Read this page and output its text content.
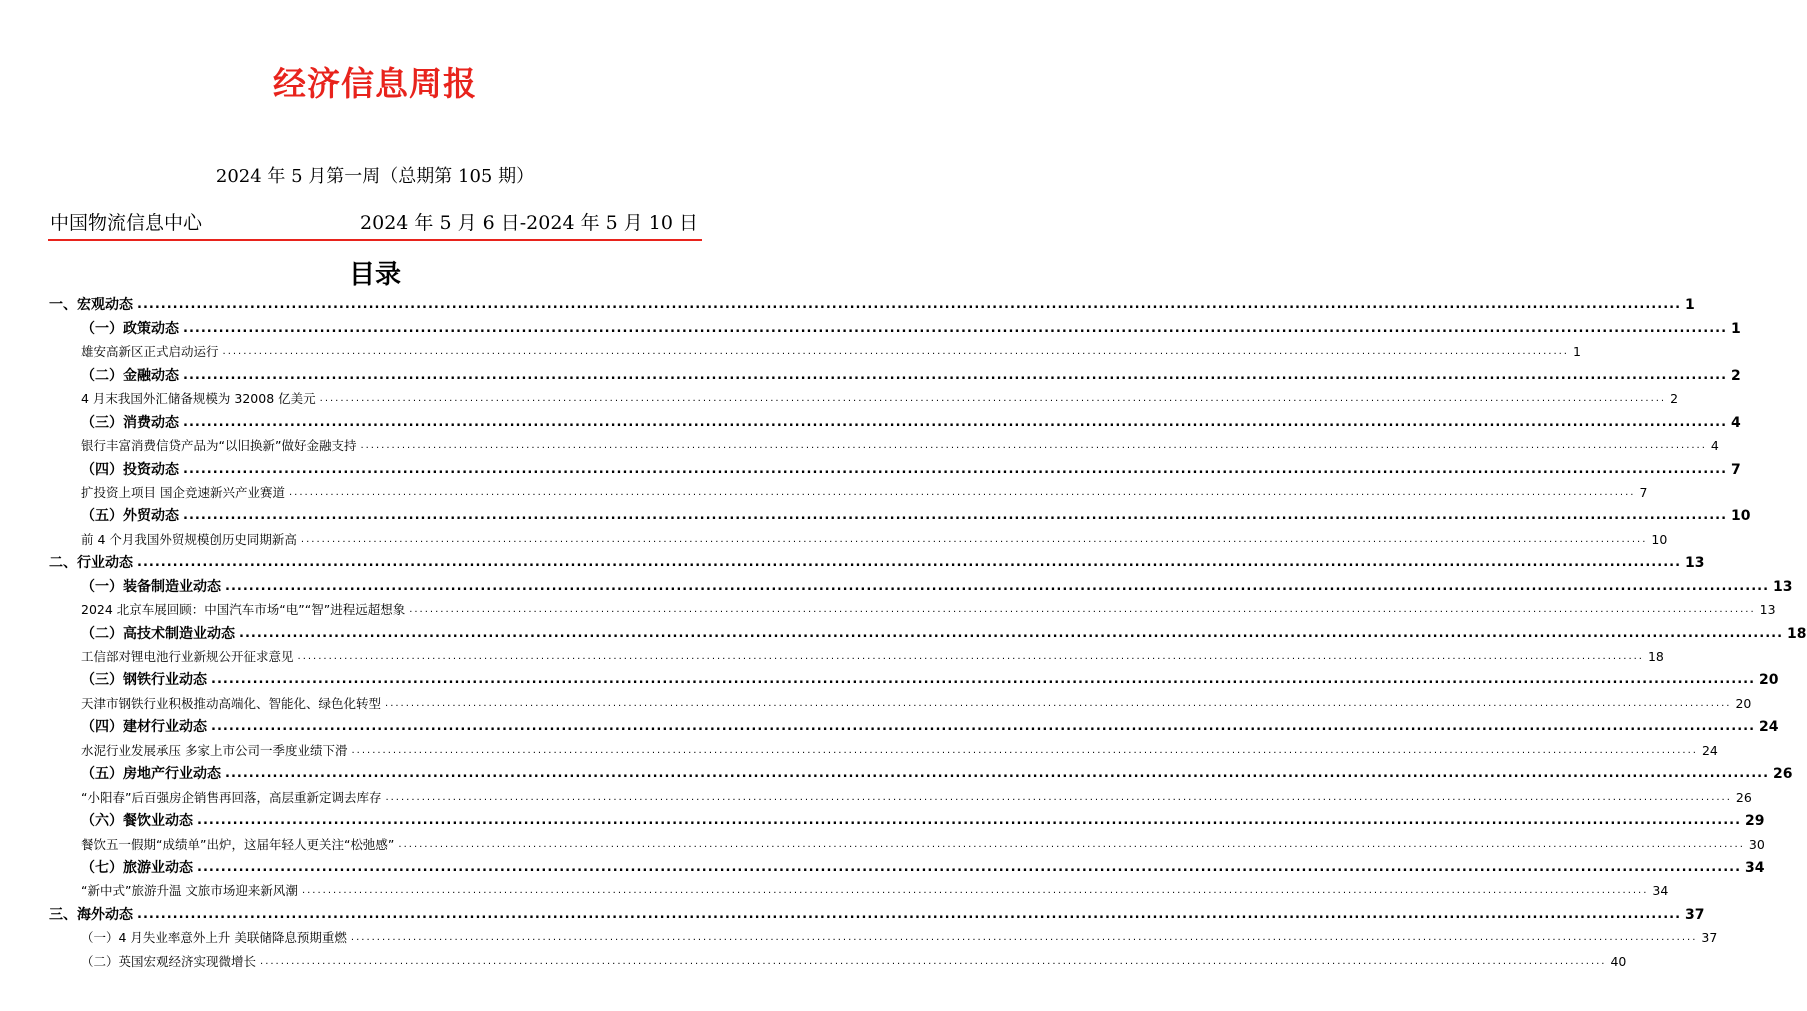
经济信息周报
2024 年 5 月第一周（总期第 105 期）
中国物流信息中心	2024 年 5 月 6 日-2024 年 5 月 10 日
目录
一、宏观动态 .................................................................................................................................................................................................................................................................... 1
（一）政策动态 .................................................................................................................................................................................................................................................................... 1
雄安高新区正式启动运行 .................................................................................................................................................................................................................................................................... 1
（二）金融动态 .................................................................................................................................................................................................................................................................... 2
4 月末我国外汇储备规模为 32008 亿美元 .................................................................................................................................................................................................................................................................... 2
（三）消费动态 .................................................................................................................................................................................................................................................................... 4
银行丰富消费信贷产品为“以旧换新”做好金融支持 .................................................................................................................................................................................................................................................................... 4
（四）投资动态 .................................................................................................................................................................................................................................................................... 7
扩投资上项目 国企竞速新兴产业赛道 .................................................................................................................................................................................................................................................................... 7
（五）外贸动态 .................................................................................................................................................................................................................................................................... 10
前 4 个月我国外贸规模创历史同期新高 .................................................................................................................................................................................................................................................................... 10
二、行业动态 .................................................................................................................................................................................................................................................................... 13
（一）装备制造业动态 .................................................................................................................................................................................................................................................................... 13
2024 北京车展回顾：中国汽车市场“电”“智”进程远超想象 .................................................................................................................................................................................................................................................................... 13
（二）高技术制造业动态 .................................................................................................................................................................................................................................................................... 18
工信部对锂电池行业新规公开征求意见 .................................................................................................................................................................................................................................................................... 18
（三）钢铁行业动态 .................................................................................................................................................................................................................................................................... 20
天津市钢铁行业积极推动高端化、智能化、绿色化转型 .................................................................................................................................................................................................................................................................... 20
（四）建材行业动态 .................................................................................................................................................................................................................................................................... 24
水泥行业发展承压 多家上市公司一季度业绩下滑 .................................................................................................................................................................................................................................................................... 24
（五）房地产行业动态 .................................................................................................................................................................................................................................................................... 26
“小阳春”后百强房企销售再回落，高层重新定调去库存 .................................................................................................................................................................................................................................................................... 26
（六）餐饮业动态 .................................................................................................................................................................................................................................................................... 29
餐饮五一假期“成绩单”出炉，这届年轻人更关注“松弛感” .................................................................................................................................................................................................................................................................... 30
（七）旅游业动态 .................................................................................................................................................................................................................................................................... 34
“新中式”旅游升温 文旅市场迎来新风潮 .................................................................................................................................................................................................................................................................... 34
三、海外动态 .................................................................................................................................................................................................................................................................... 37
（一）4 月失业率意外上升 美联储降息预期重燃 .................................................................................................................................................................................................................................................................... 37
（二）英国宏观经济实现微增长 .................................................................................................................................................................................................................................................................... 40
